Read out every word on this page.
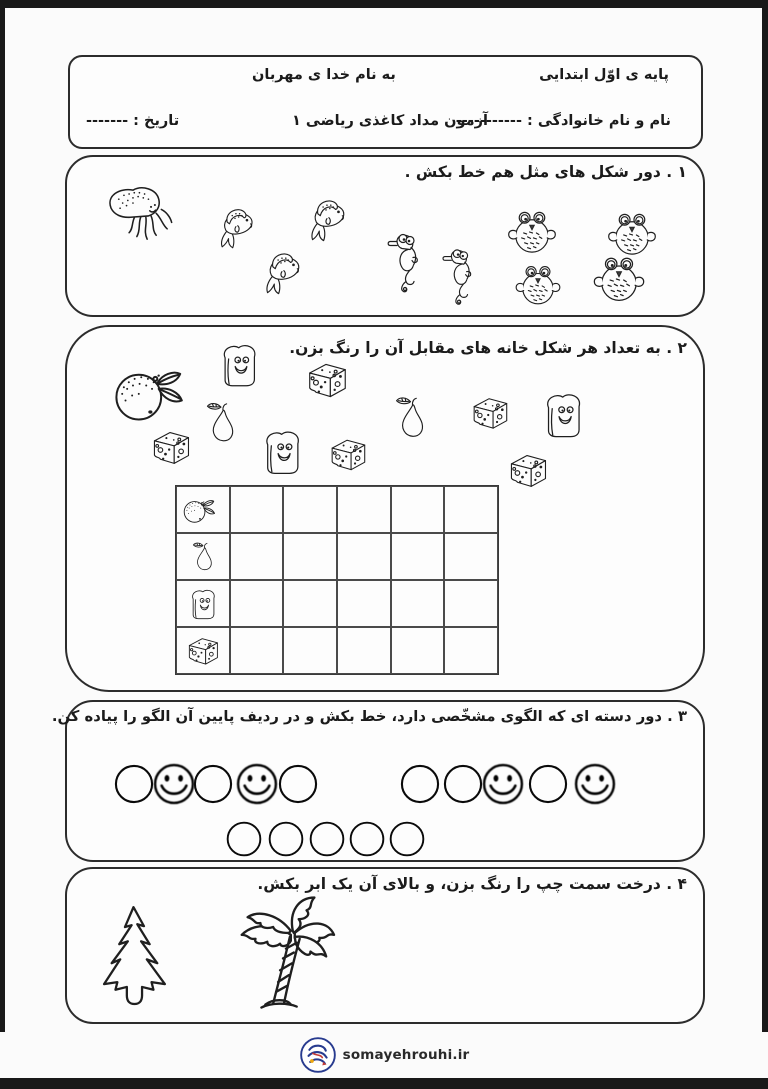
پایه ی اوّل ابتدایی
به نام خدا ی مهربان
نام و نام خانوادگی : -----------
آزمون مداد کاغذی ریاضی ۱
تاریخ : -------
۱ . دور شکل های مثل هم خط بکش .
۲ . به تعداد هر شکل خانه های مقابل آن را رنگ بزن.
۳ . دور دسته ای که الگوی مشخّصی دارد، خط بکش و در ردیف پایین آن الگو را پیاده کن.
۴ . درخت سمت چپ را رنگ بزن، و بالای آن یک ابر بکش.
somayehrouhi.ir
